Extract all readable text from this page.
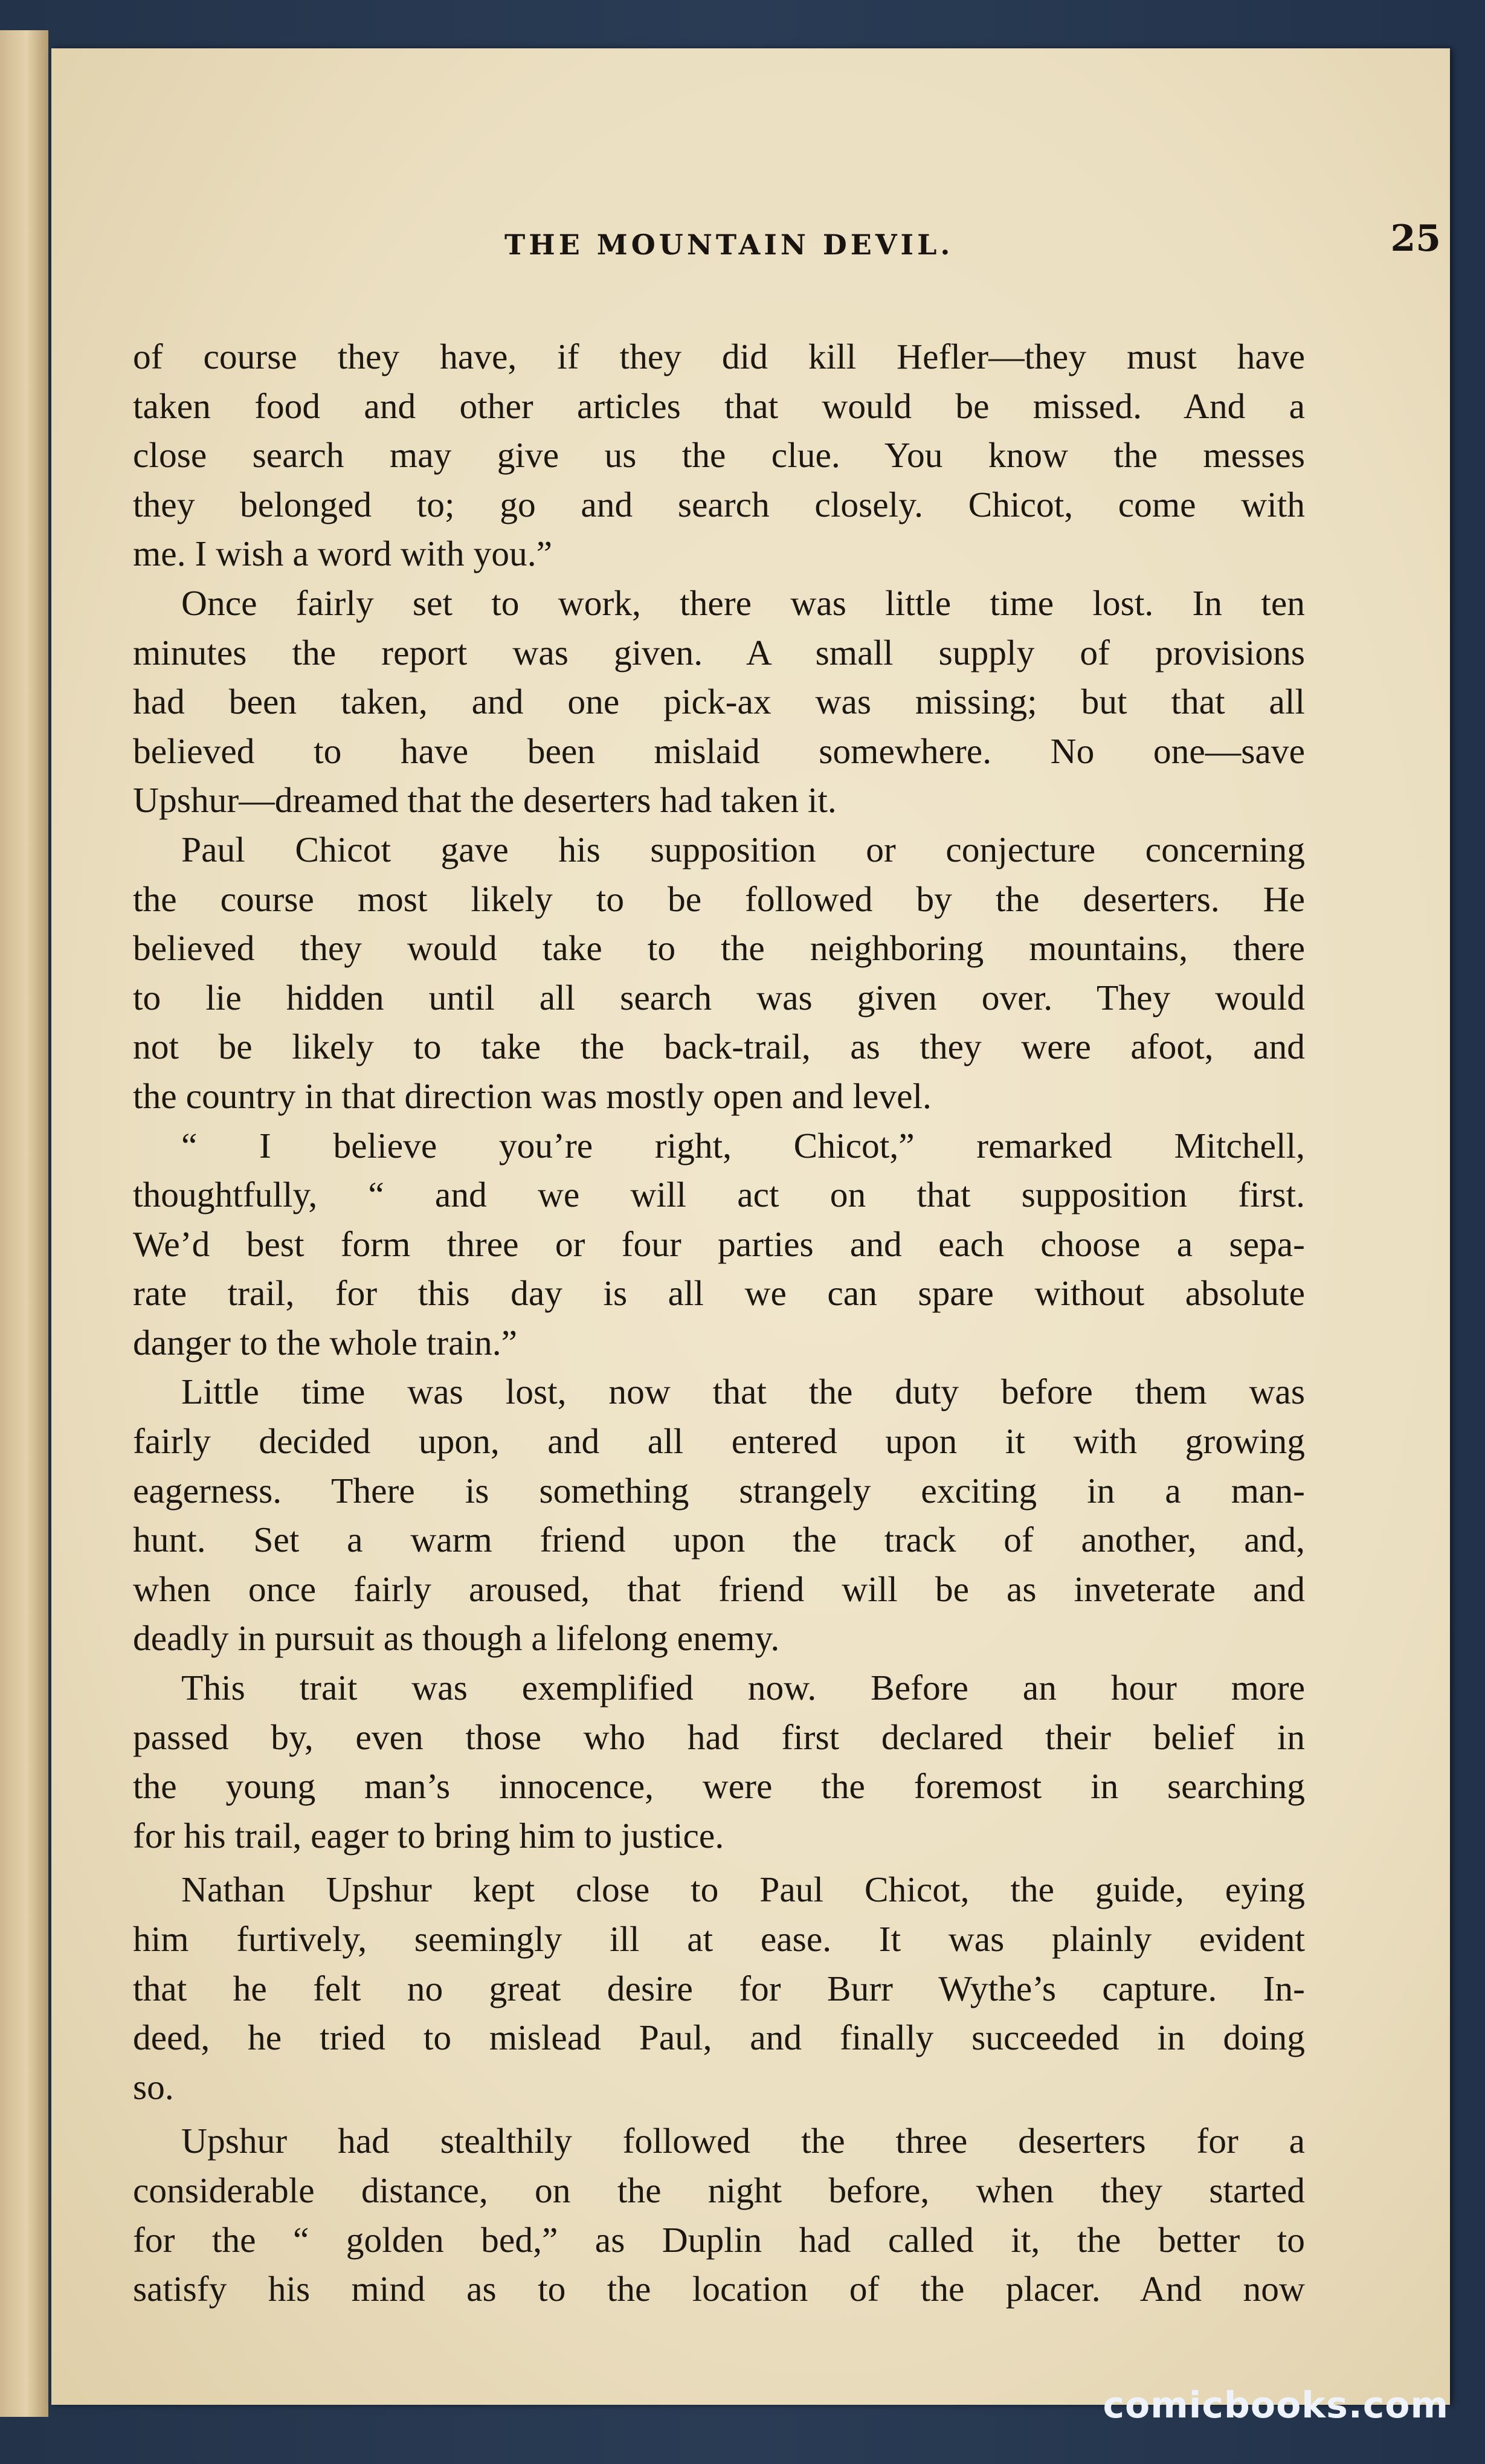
THE MOUNTAIN DEVIL.	25
of course they have, if they did kill Hefler—they must have
taken food and other articles that would be missed. And a
close search may give us the clue. You know the messes
they belonged to; go and search closely. Chicot, come with
me. I wish a word with you.”
Once fairly set to work, there was little time lost. In ten
minutes the report was given. A small supply of provisions
had been taken, and one pick-ax was missing; but that all
believed to have been mislaid somewhere. No one—save
Upshur—dreamed that the deserters had taken it.
Paul Chicot gave his supposition or conjecture concerning
the course most likely to be followed by the deserters. He
believed they would take to the neighboring mountains, there
to lie hidden until all search was given over. They would
not be likely to take the back-trail, as they were afoot, and
the country in that direction was mostly open and level.
“ I believe you’re right, Chicot,” remarked Mitchell,
thoughtfully, “ and we will act on that supposition first.
We’d best form three or four parties and each choose a sepa-
rate trail, for this day is all we can spare without absolute
danger to the whole train.”
Little time was lost, now that the duty before them was
fairly decided upon, and all entered upon it with growing
eagerness. There is something strangely exciting in a man-
hunt. Set a warm friend upon the track of another, and,
when once fairly aroused, that friend will be as inveterate and
deadly in pursuit as though a lifelong enemy.
This trait was exemplified now. Before an hour more
passed by, even those who had first declared their belief in
the young man’s innocence, were the foremost in searching
for his trail, eager to bring him to justice.
Nathan Upshur kept close to Paul Chicot, the guide, eying
him furtively, seemingly ill at ease. It was plainly evident
that he felt no great desire for Burr Wythe’s capture. In-
deed, he tried to mislead Paul, and finally succeeded in doing
so.
Upshur had stealthily followed the three deserters for a
considerable distance, on the night before, when they started
for the “ golden bed,” as Duplin had called it, the better to
satisfy his mind as to the location of the placer. And now
comicbooks.com
